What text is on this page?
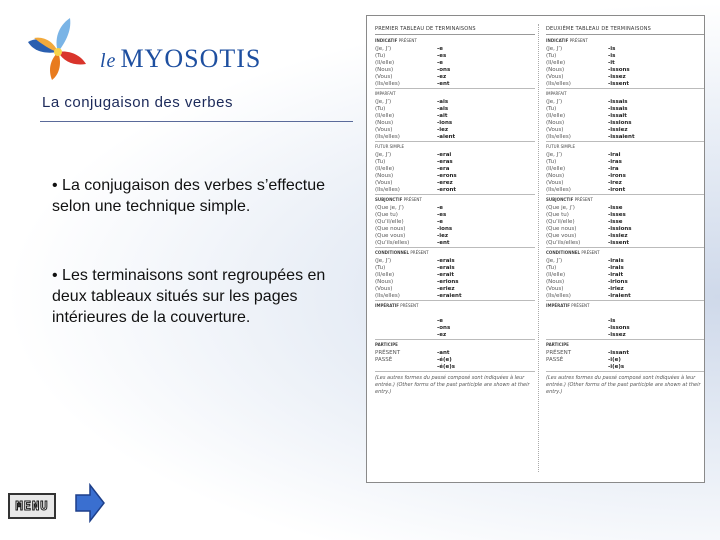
le MYOSOTIS
La conjugaison des verbes
• La conjugaison des verbes s’effectue selon une technique simple.
• Les terminaisons sont regroupées en deux tableaux situés sur les pages intérieures de la couverture.
PREMIER TABLEAU DE TERMINAISONS
INDICATIF PRÉSENT
(Je, J’)	-e
(Tu)	-es
(Il/elle)	-e
(Nous)	-ons
(Vous)	-ez
(Ils/elles)	-ent
IMPARFAIT
(Je, J’)	-ais
(Tu)	-ais
(Il/elle)	-ait
(Nous)	-ions
(Vous)	-iez
(Ils/elles)	-aient
FUTUR SIMPLE
(Je, J’)	-erai
(Tu)	-eras
(Il/elle)	-era
(Nous)	-erons
(Vous)	-erez
(Ils/elles)	-eront
SUBJONCTIF PRÉSENT
(Que je, j’)	-e
(Que tu)	-es
(Qu’il/elle)	-e
(Que nous)	-ions
(Que vous)	-iez
(Qu’ils/elles)	-ent
CONDITIONNEL PRÉSENT
(Je, J’)	-erais
(Tu)	-erais
(Il/elle)	-erait
(Nous)	-erions
(Vous)	-eriez
(Ils/elles)	-eraient
IMPÉRATIF PRÉSENT
-e
-ons
-ez
PARTICIPE
PRÉSENT	-ant
PASSÉ	-é(e)
-é(e)s
(Les autres formes du passé composé sont indiquées à leur entrée.) (Other forms of the past participle are shown at their entry.)
DEUXIÈME TABLEAU DE TERMINAISONS
INDICATIF PRÉSENT
(Je, J’)	-is
(Tu)	-is
(Il/elle)	-it
(Nous)	-issons
(Vous)	-issez
(Ils/elles)	-issent
IMPARFAIT
(Je, J’)	-issais
(Tu)	-issais
(Il/elle)	-issait
(Nous)	-issions
(Vous)	-issiez
(Ils/elles)	-issaient
FUTUR SIMPLE
(Je, J’)	-irai
(Tu)	-iras
(Il/elle)	-ira
(Nous)	-irons
(Vous)	-irez
(Ils/elles)	-iront
SUBJONCTIF PRÉSENT
(Que je, j’)	-isse
(Que tu)	-isses
(Qu’il/elle)	-isse
(Que nous)	-issions
(Que vous)	-issiez
(Qu’ils/elles)	-issent
CONDITIONNEL PRÉSENT
(Je, J’)	-irais
(Tu)	-irais
(Il/elle)	-irait
(Nous)	-irions
(Vous)	-iriez
(Ils/elles)	-iraient
IMPÉRATIF PRÉSENT
-is
-issons
-issez
PARTICIPE
PRÉSENT	-issant
PASSÉ	-i(e)
-i(e)s
(Les autres formes du passé composé sont indiquées à leur entrée.) (Other forms of the past participle are shown at their entry.)
MENU
